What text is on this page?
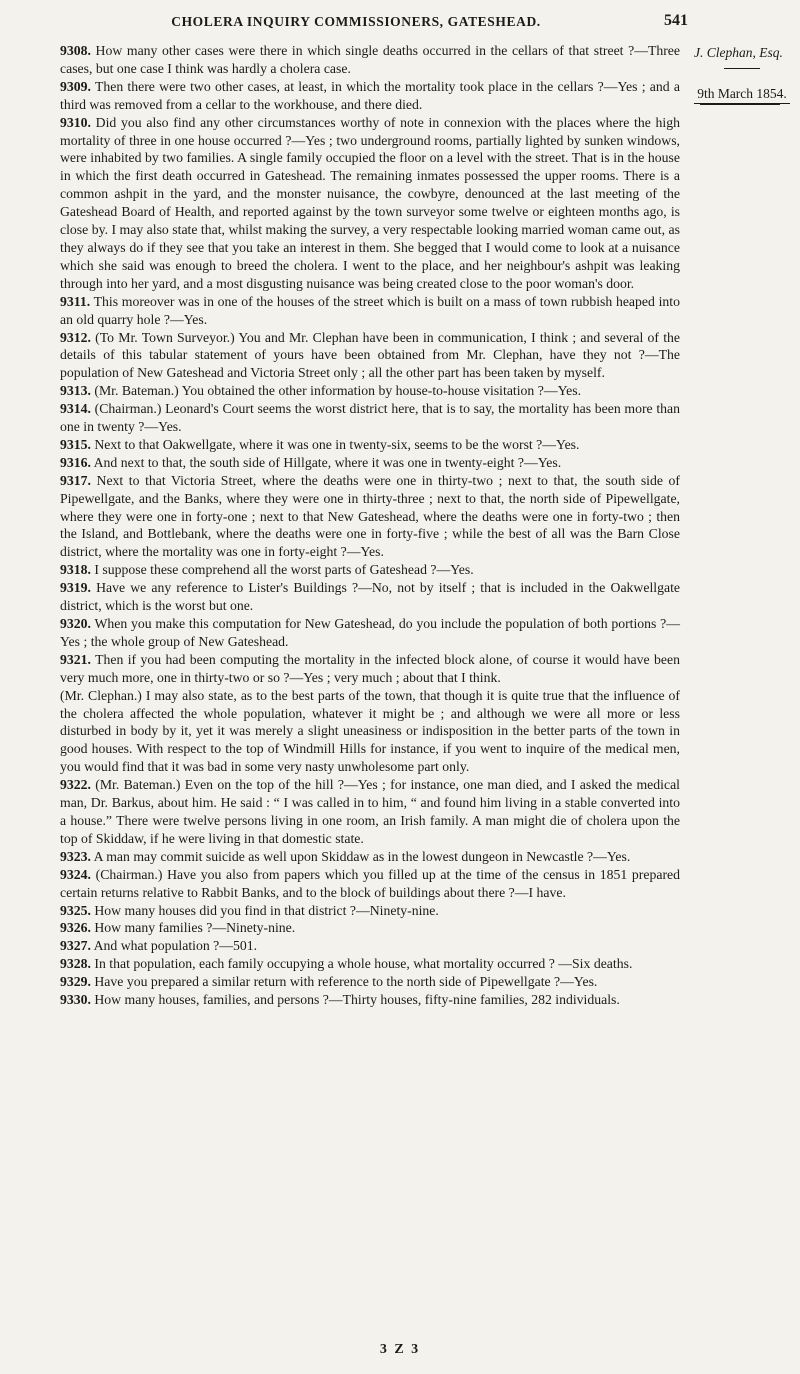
CHOLERA INQUIRY COMMISSIONERS, GATESHEAD.	541
J. Clephan, Esq.
9th March 1854.

9308. How many other cases were there in which single deaths occurred in the cellars of that street ?—Three cases, but one case I think was hardly a cholera case.

9309. Then there were two other cases, at least, in which the mortality took place in the cellars ?—Yes ; and a third was removed from a cellar to the workhouse, and there died.

9310. Did you also find any other circumstances worthy of note in connexion with the places where the high mortality of three in one house occurred ?—Yes ; two underground rooms, partially lighted by sunken windows, were inhabited by two families. A single family occupied the floor on a level with the street. That is in the house in which the first death occurred in Gateshead. The remaining inmates possessed the upper rooms. There is a common ashpit in the yard, and the monster nuisance, the cowbyre, denounced at the last meeting of the Gateshead Board of Health, and reported against by the town surveyor some twelve or eighteen months ago, is close by. I may also state that, whilst making the survey, a very respectable looking married woman came out, as they always do if they see that you take an interest in them. She begged that I would come to look at a nuisance which she said was enough to breed the cholera. I went to the place, and her neighbour's ashpit was leaking through into her yard, and a most disgusting nuisance was being created close to the poor woman's door.

9311. This moreover was in one of the houses of the street which is built on a mass of town rubbish heaped into an old quarry hole ?—Yes.

9312. (To Mr. Town Surveyor.) You and Mr. Clephan have been in communication, I think ; and several of the details of this tabular statement of yours have been obtained from Mr. Clephan, have they not ?—The population of New Gateshead and Victoria Street only ; all the other part has been taken by myself.

9313. (Mr. Bateman.) You obtained the other information by house-to-house visitation ?—Yes.

9314. (Chairman.) Leonard's Court seems the worst district here, that is to say, the mortality has been more than one in twenty ?—Yes.

9315. Next to that Oakwellgate, where it was one in twenty-six, seems to be the worst ?—Yes.

9316. And next to that, the south side of Hillgate, where it was one in twenty-eight ?—Yes.

9317. Next to that Victoria Street, where the deaths were one in thirty-two ; next to that, the south side of Pipewellgate, and the Banks, where they were one in thirty-three ; next to that, the north side of Pipewellgate, where they were one in forty-one ; next to that New Gateshead, where the deaths were one in forty-two ; then the Island, and Bottlebank, where the deaths were one in forty-five ; while the best of all was the Barn Close district, where the mortality was one in forty-eight ?—Yes.

9318. I suppose these comprehend all the worst parts of Gateshead ?—Yes.

9319. Have we any reference to Lister's Buildings ?—No, not by itself ; that is included in the Oakwellgate district, which is the worst but one.

9320. When you make this computation for New Gateshead, do you include the population of both portions ?—Yes ; the whole group of New Gateshead.

9321. Then if you had been computing the mortality in the infected block alone, of course it would have been very much more, one in thirty-two or so ?—Yes ; very much ; about that I think.

(Mr. Clephan.) I may also state, as to the best parts of the town, that though it is quite true that the influence of the cholera affected the whole population, whatever it might be ; and although we were all more or less disturbed in body by it, yet it was merely a slight uneasiness or indisposition in the better parts of the town in good houses. With respect to the top of Windmill Hills for instance, if you went to inquire of the medical men, you would find that it was bad in some very nasty unwholesome part only.

9322. (Mr. Bateman.) Even on the top of the hill ?—Yes ; for instance, one man died, and I asked the medical man, Dr. Barkus, about him. He said : “ I was called in to him, “ and found him living in a stable converted into a house.” There were twelve persons living in one room, an Irish family. A man might die of cholera upon the top of Skiddaw, if he were living in that domestic state.

9323. A man may commit suicide as well upon Skiddaw as in the lowest dungeon in Newcastle ?—Yes.

9324. (Chairman.) Have you also from papers which you filled up at the time of the census in 1851 prepared certain returns relative to Rabbit Banks, and to the block of buildings about there ?—I have.

9325. How many houses did you find in that district ?—Ninety-nine.

9326. How many families ?—Ninety-nine.

9327. And what population ?—501.

9328. In that population, each family occupying a whole house, what mortality occurred ? —Six deaths.

9329. Have you prepared a similar return with reference to the north side of Pipewellgate ?—Yes.

9330. How many houses, families, and persons ?—Thirty houses, fifty-nine families, 282 individuals.

3 Z 3
